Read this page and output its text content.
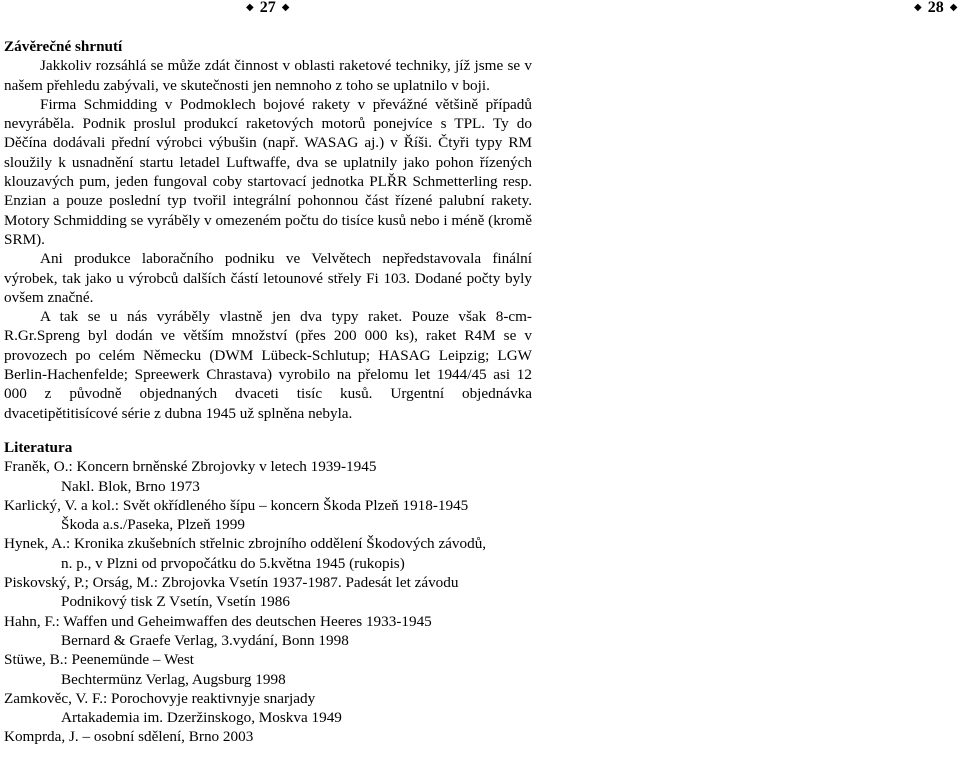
◆ 27 ◆	◆ 28 ◆

Závěrečné shrnutí

Jakkoliv rozsáhlá se může zdát činnost v oblasti raketové techniky, jíž jsme se v našem přehledu zabývali, ve skutečnosti jen nemnoho z toho se uplatnilo v boji.

Firma Schmidding v Podmoklech bojové rakety v převážné většině případů nevyráběla. Podnik proslul produkcí raketových motorů ponejvíce s TPL. Ty do Děčína dodávali přední výrobci výbušin (např. WASAG aj.) v Říši. Čtyři typy RM sloužily k usnadnění startu letadel Luftwaffe, dva se uplatnily jako pohon řízených klouzavých pum, jeden fungoval coby startovací jednotka PLŘR Schmetterling resp. Enzian a pouze poslední typ tvořil integrální pohonnou část řízené palubní rakety. Motory Schmidding se vyráběly v omezeném počtu do tisíce kusů nebo i méně (kromě SRM).

Ani produkce laboračního podniku ve Velvětech nepředstavovala finální výrobek, tak jako u výrobců dalších částí letounové střely Fi 103. Dodané počty byly ovšem značné.

A tak se u nás vyráběly vlastně jen dva typy raket. Pouze však 8-cm-R.Gr.Spreng byl dodán ve větším množství (přes 200 000 ks), raket R4M se v provozech po celém Německu (DWM Lübeck-Schlutup; HASAG Leipzig; LGW Berlin-Hachenfelde; Spreewerk Chrastava) vyrobilo na přelomu let 1944/45 asi 12 000 z původně objednaných dvaceti tisíc kusů. Urgentní objednávka dvacetipětitisícové série z dubna 1945 už splněna nebyla.

Literatura

Franěk, O.: Koncern brněnské Zbrojovky v letech 1939-1945
Nakl. Blok, Brno 1973

Karlický, V. a kol.: Svět okřídleného šípu – koncern Škoda Plzeň 1918-1945
Škoda a.s./Paseka, Plzeň 1999

Hynek, A.: Kronika zkušebních střelnic zbrojního oddělení Škodových závodů,
n. p., v Plzni od prvopočátku do 5.května 1945 (rukopis)

Piskovský, P.; Orság, M.: Zbrojovka Vsetín 1937-1987. Padesát let závodu
Podnikový tisk Z Vsetín, Vsetín 1986

Hahn, F.: Waffen und Geheimwaffen des deutschen Heeres 1933-1945
Bernard & Graefe Verlag, 3.vydání, Bonn 1998

Stüwe, B.: Peenemünde – West
Bechtermünz Verlag, Augsburg 1998

Zamkověc, V. F.: Porochovyje reaktivnyje snarjady
Artakademia im. Dzeržinskogo, Moskva 1949

Komprda, J. – osobní sdělení, Brno 2003
